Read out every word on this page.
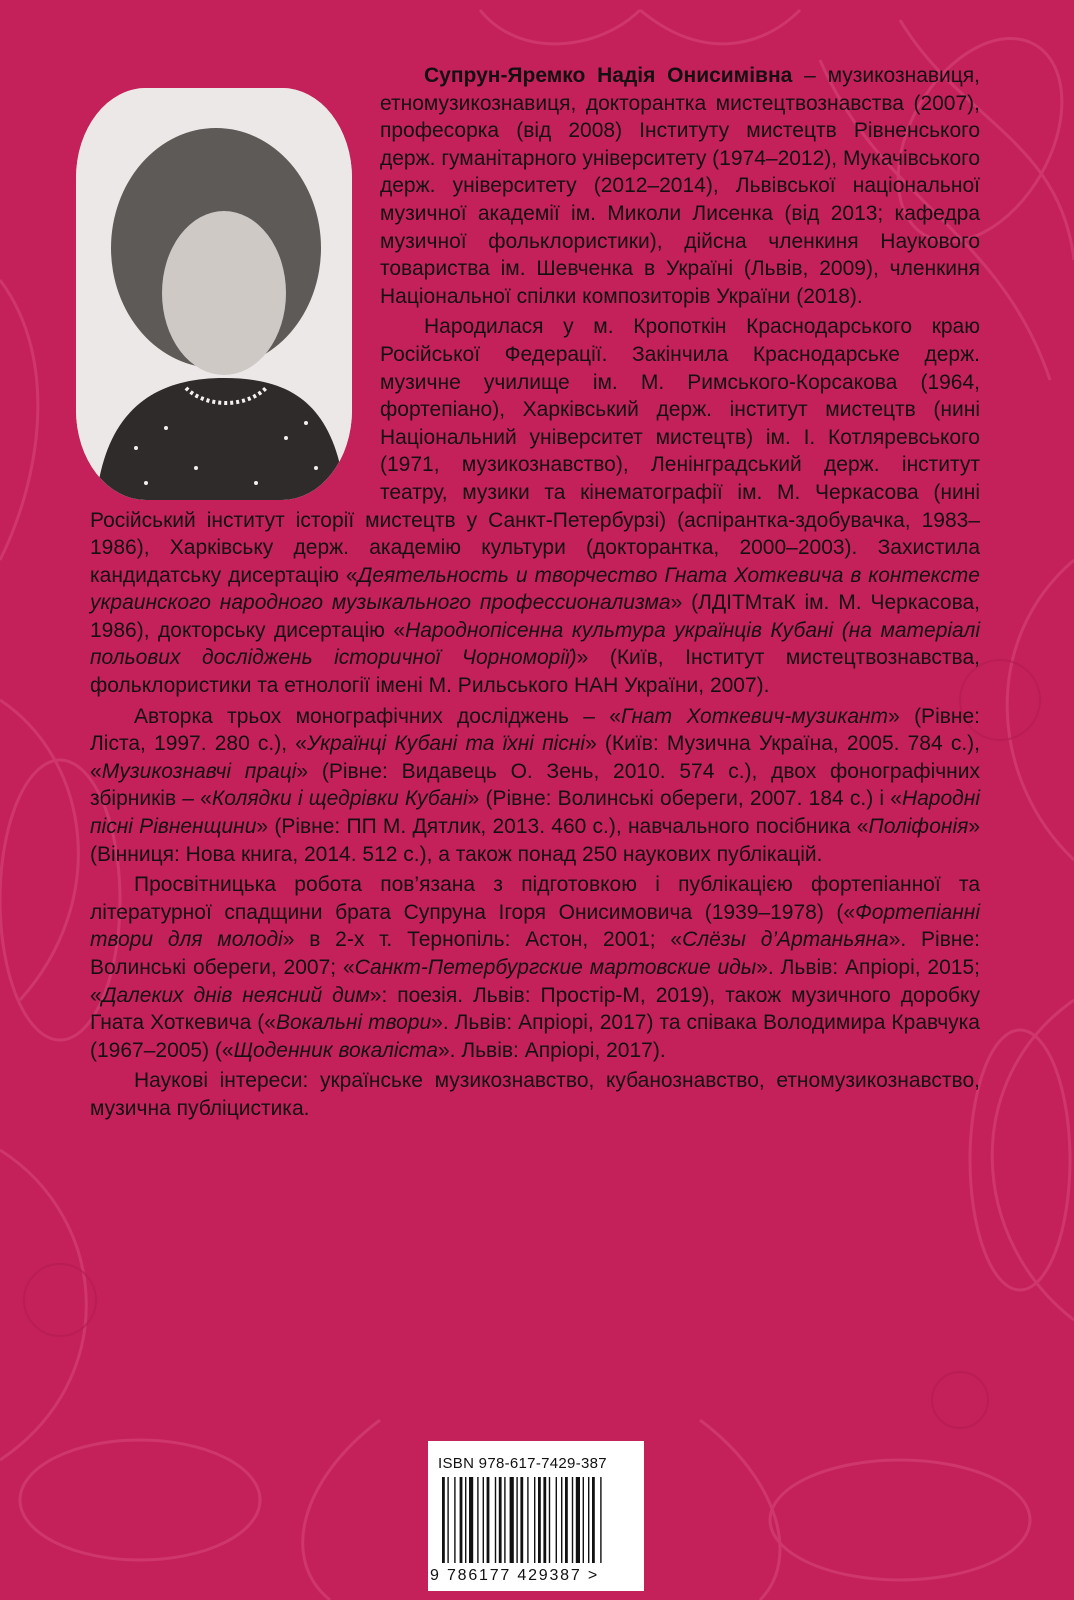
Супрун-Яремко Надія Онисимівна – музикознавиця, етномузикознавиця, докторантка мистецтвознавства (2007), професорка (від 2008) Інституту мистецтв Рівненського держ. гуманітарного університету (1974–2012), Мукачівського держ. університету (2012–2014), Львівської національної музичної академії ім. Миколи Лисенка (від 2013; кафедра музичної фольклористики), дійсна членкиня Наукового товариства ім. Шевченка в Україні (Львів, 2009), членкиня Національної спілки композиторів України (2018).

Народилася у м. Кропоткін Краснодарського краю Російської Федерації. Закінчила Краснодарське держ. музичне училище ім. М. Римського-Корсакова (1964, фортепіано), Харківський держ. інститут мистецтв (нині Національний університет мистецтв) ім. І. Котляревського (1971, музикознавство), Ленінградський держ. інститут театру, музики та кінематографії ім. М. Черкасова (нині Російський інститут історії мистецтв у Санкт-Петербурзі) (аспірантка-здобувачка, 1983–1986), Харківську держ. академію культури (докторантка, 2000–2003). Захистила кандидатську дисертацію «Деятельность и творчество Гната Хоткевича в контексте украинского народного музыкального профессионализма» (ЛДІТМтаК ім. М. Черкасова, 1986), докторську дисертацію «Народнопісенна культура українців Кубані (на матеріалі польових досліджень історичної Чорноморії)» (Київ, Інститут мистецтвознавства, фольклористики та етнології імені М. Рильського НАН України, 2007).

Авторка трьох монографічних досліджень – «Гнат Хоткевич-музикант» (Рівне: Ліста, 1997. 280 с.), «Українці Кубані та їхні пісні» (Київ: Музична Україна, 2005. 784 с.), «Музикознавчі праці» (Рівне: Видавець О. Зень, 2010. 574 с.), двох фонографічних збірників – «Колядки і щедрівки Кубані» (Рівне: Волинські обереги, 2007. 184 с.) і «Народні пісні Рівненщини» (Рівне: ПП М. Дятлик, 2013. 460 с.), навчального посібника «Поліфонія» (Вінниця: Нова книга, 2014. 512 с.), а також понад 250 наукових публікацій.

Просвітницька робота пов’язана з підготовкою і публікацією фортепіанної та літературної спадщини брата Супруна Ігоря Онисимовича (1939–1978) («Фортепіанні твори для молоді» в 2-х т. Тернопіль: Астон, 2001; «Слёзы д’Артаньяна». Рівне: Волинські обереги, 2007; «Санкт-Петербургские мартовские иды». Львів: Апріорі, 2015; «Далеких днів неясний дим»: поезія. Львів: Простір-М, 2019), також музичного доробку Гната Хоткевича («Вокальні твори». Львів: Апріорі, 2017) та співака Володимира Кравчука (1967–2005) («Щоденник вокаліста». Львів: Апріорі, 2017).

Наукові інтереси: українське музикознавство, кубанознавство, етномузикознавство, музична публіцистика.

ISBN 978-617-7429-387
9 786177 429387 >
